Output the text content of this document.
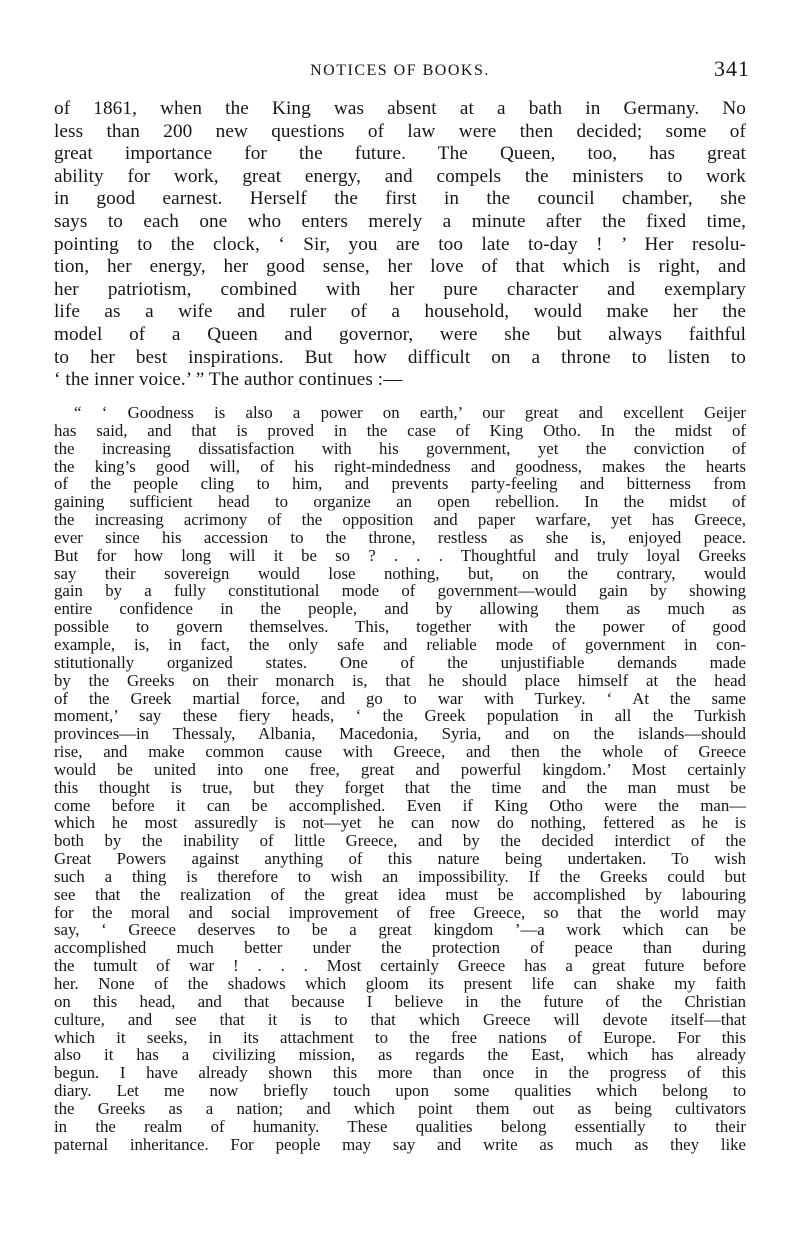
NOTICES OF BOOKS.	341
of 1861, when the King was absent at a bath in Germany. No
less than 200 new questions of law were then decided; some of
great importance for the future. The Queen, too, has great
ability for work, great energy, and compels the ministers to work
in good earnest. Herself the first in the council chamber, she
says to each one who enters merely a minute after the fixed time,
pointing to the clock, ‘ Sir, you are too late to-day ! ’ Her resolu-
tion, her energy, her good sense, her love of that which is right, and
her patriotism, combined with her pure character and exemplary
life as a wife and ruler of a household, would make her the
model of a Queen and governor, were she but always faithful
to her best inspirations. But how difficult on a throne to listen to
‘ the inner voice.’ ” The author continues :—
“ ‘ Goodness is also a power on earth,’ our great and excellent Geijer
has said, and that is proved in the case of King Otho. In the midst of
the increasing dissatisfaction with his government, yet the conviction of
the king’s good will, of his right-mindedness and goodness, makes the hearts
of the people cling to him, and prevents party-feeling and bitterness from
gaining sufficient head to organize an open rebellion. In the midst of
the increasing acrimony of the opposition and paper warfare, yet has Greece,
ever since his accession to the throne, restless as she is, enjoyed peace.
But for how long will it be so ? . . . Thoughtful and truly loyal Greeks
say their sovereign would lose nothing, but, on the contrary, would
gain by a fully constitutional mode of government—would gain by showing
entire confidence in the people, and by allowing them as much as
possible to govern themselves. This, together with the power of good
example, is, in fact, the only safe and reliable mode of government in con-
stitutionally organized states. One of the unjustifiable demands made
by the Greeks on their monarch is, that he should place himself at the head
of the Greek martial force, and go to war with Turkey. ‘ At the same
moment,’ say these fiery heads, ‘ the Greek population in all the Turkish
provinces—in Thessaly, Albania, Macedonia, Syria, and on the islands—should
rise, and make common cause with Greece, and then the whole of Greece
would be united into one free, great and powerful kingdom.’ Most certainly
this thought is true, but they forget that the time and the man must be
come before it can be accomplished. Even if King Otho were the man—
which he most assuredly is not—yet he can now do nothing, fettered as he is
both by the inability of little Greece, and by the decided interdict of the
Great Powers against anything of this nature being undertaken. To wish
such a thing is therefore to wish an impossibility. If the Greeks could but
see that the realization of the great idea must be accomplished by labouring
for the moral and social improvement of free Greece, so that the world may
say, ‘ Greece deserves to be a great kingdom ’—a work which can be
accomplished much better under the protection of peace than during
the tumult of war ! . . . Most certainly Greece has a great future before
her. None of the shadows which gloom its present life can shake my faith
on this head, and that because I believe in the future of the Christian
culture, and see that it is to that which Greece will devote itself—that
which it seeks, in its attachment to the free nations of Europe. For this
also it has a civilizing mission, as regards the East, which has already
begun. I have already shown this more than once in the progress of this
diary. Let me now briefly touch upon some qualities which belong to
the Greeks as a nation; and which point them out as being cultivators
in the realm of humanity. These qualities belong essentially to their
paternal inheritance. For people may say and write as much as they like
